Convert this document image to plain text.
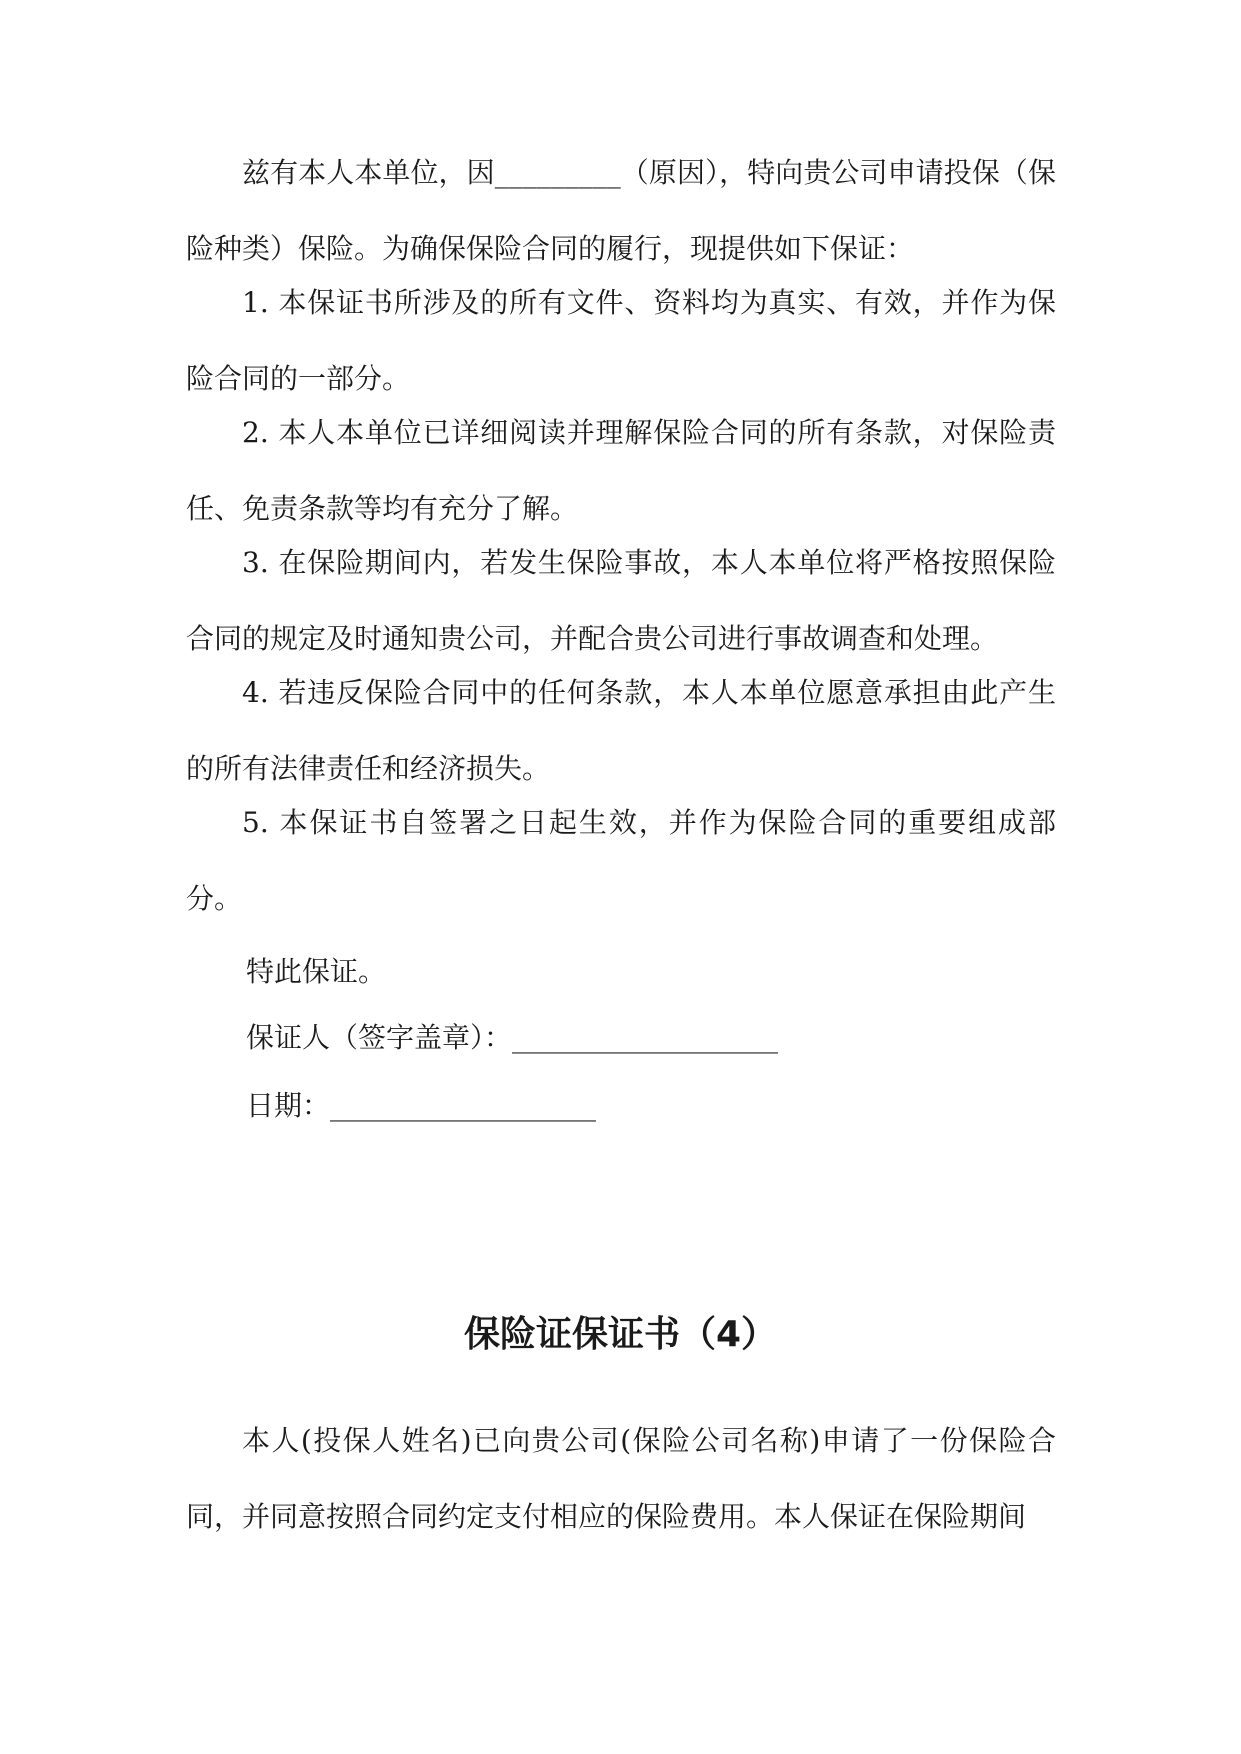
兹有本人本单位，因_________（原因），特向贵公司申请投保（保险种类）保险。为确保保险合同的履行，现提供如下保证：

1. 本保证书所涉及的所有文件、资料均为真实、有效，并作为保险合同的一部分。

2. 本人本单位已详细阅读并理解保险合同的所有条款，对保险责任、免责条款等均有充分了解。

3. 在保险期间内，若发生保险事故，本人本单位将严格按照保险合同的规定及时通知贵公司，并配合贵公司进行事故调查和处理。

4. 若违反保险合同中的任何条款，本人本单位愿意承担由此产生的所有法律责任和经济损失。

5. 本保证书自签署之日起生效，并作为保险合同的重要组成部分。

特此保证。

保证人（签字盖章）：___________________

日期：___________________

保险证保证书（4）

本人(投保人姓名)已向贵公司(保险公司名称)申请了一份保险合同，并同意按照合同约定支付相应的保险费用。本人保证在保险期间
